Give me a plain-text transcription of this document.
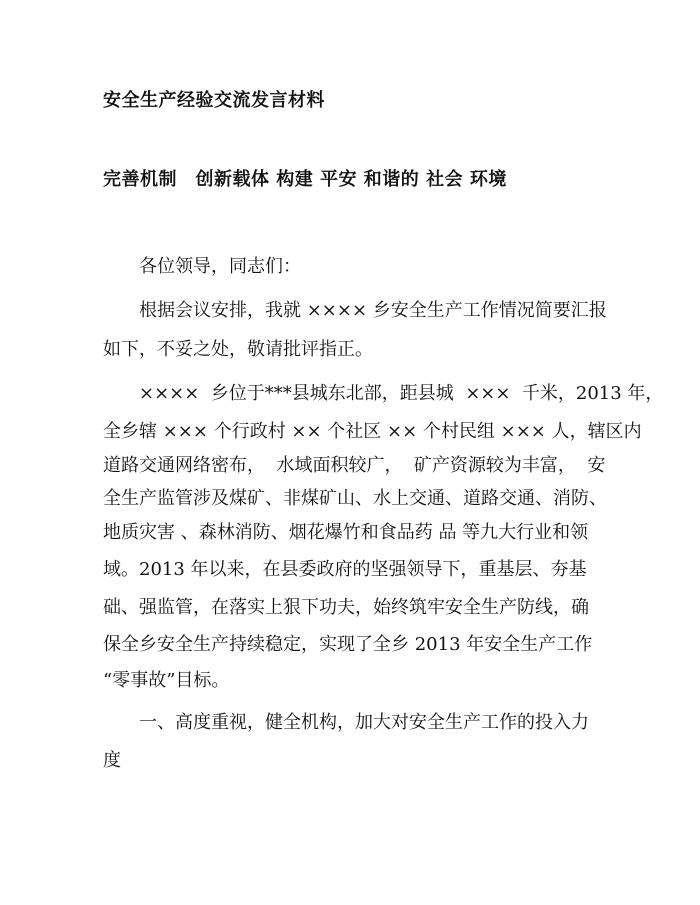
安全生产经验交流发言材料
完善机制　创新载体 构建 平安 和谐的 社会 环境
各位领导，同志们：
根据会议安排，我就 ×××× 乡安全生产工作情况简要汇报
如下，不妥之处，敬请批评指正。
××××  乡位于***县城东北部，距县城  ×××  千米，2013 年，
全乡辖 ××× 个行政村 ×× 个社区 ×× 个村民组 ××× 人，辖区内
道路交通网络密布，  水域面积较广，  矿产资源较为丰富，  安
全生产监管涉及煤矿、非煤矿山、水上交通、道路交通、消防、
地质灾害 、森林消防、烟花爆竹和食品药 品 等九大行业和领
域。2013 年以来，在县委政府的坚强领导下，重基层、夯基
础、强监管，在落实上狠下功夫，始终筑牢安全生产防线，确
保全乡安全生产持续稳定，实现了全乡 2013 年安全生产工作
“零事故”目标。
一、高度重视，健全机构，加大对安全生产工作的投入力
度
